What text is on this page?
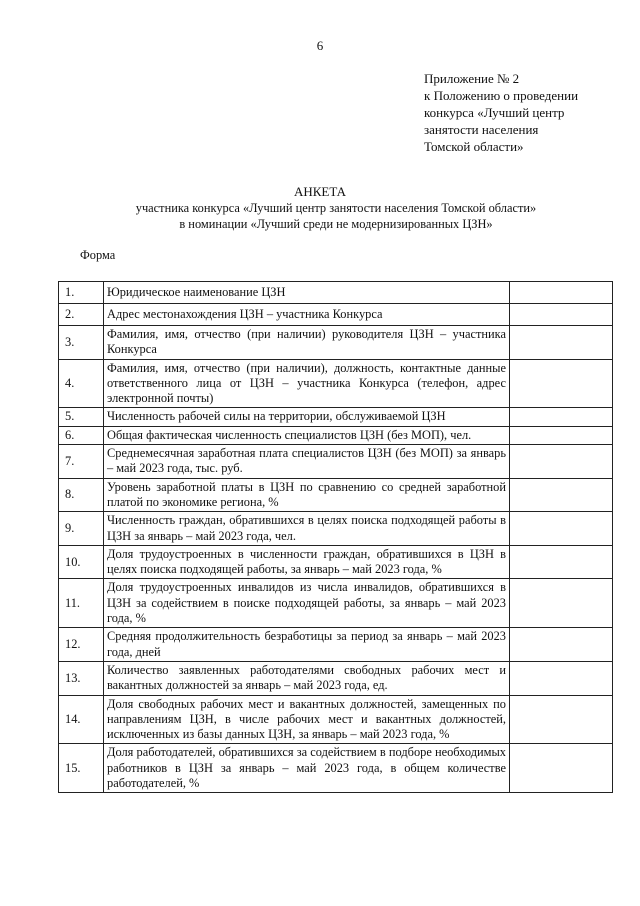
6
Приложение № 2
к Положению о проведении
конкурса «Лучший центр
занятости населения
Томской области»
АНКЕТА
участника конкурса «Лучший центр занятости населения Томской области»
в номинации «Лучший среди не модернизированных ЦЗН»
Форма
1.	Юридическое наименование ЦЗН	
2.	Адрес местонахождения ЦЗН – участника Конкурса	
3.	Фамилия, имя, отчество (при наличии) руководителя ЦЗН – участника Конкурса	
4.	Фамилия, имя, отчество (при наличии), должность, контактные данные ответственного лица от ЦЗН – участника Конкурса (телефон, адрес электронной почты)	
5.	Численность рабочей силы на территории, обслуживаемой ЦЗН	
6.	Общая фактическая численность специалистов ЦЗН (без МОП), чел.	
7.	Среднемесячная заработная плата специалистов ЦЗН (без МОП) за январь – май 2023 года, тыс. руб.	
8.	Уровень заработной платы в ЦЗН по сравнению со средней заработной платой по экономике региона, %	
9.	Численность граждан, обратившихся в целях поиска подходящей работы в ЦЗН за январь – май 2023 года, чел.	
10.	Доля трудоустроенных в численности граждан, обратившихся в ЦЗН в целях поиска подходящей работы, за январь – май 2023 года, %	
11.	Доля трудоустроенных инвалидов из числа инвалидов, обратившихся в ЦЗН за содействием в поиске подходящей работы, за январь – май 2023 года, %	
12.	Средняя продолжительность безработицы за период за январь – май 2023 года, дней	
13.	Количество заявленных работодателями свободных рабочих мест и вакантных должностей за январь – май 2023 года, ед.	
14.	Доля свободных рабочих мест и вакантных должностей, замещенных по направлениям ЦЗН, в числе рабочих мест и вакантных должностей, исключенных из базы данных ЦЗН, за январь – май 2023 года, %	
15.	Доля работодателей, обратившихся за содействием в подборе необходимых работников в ЦЗН за январь – май 2023 года, в общем количестве работодателей, %	
